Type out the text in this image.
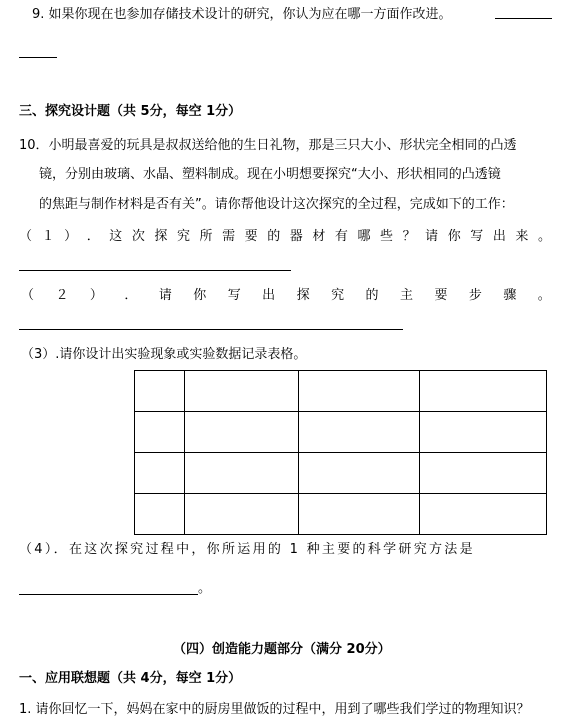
9. 如果你现在也参加存储技术设计的研究，你认为应在哪一方面作改进。
三、探究设计题（共 5分，每空 1分）
10．小明最喜爱的玩具是叔叔送给他的生日礼物，那是三只大小、形状完全相同的凸透
镜，分别由玻璃、水晶、塑料制成。现在小明想要探究“大小、形状相同的凸透镜
的焦距与制作材料是否有关”。请你帮他设计这次探究的全过程，完成如下的工作：
（ １ ） ． 这 次 探 究 所 需 要 的 器 材 有 哪 些 ？ 请 你 写 出 来 。
（ ２ ） ． 请 你 写 出 探 究 的 主 要 步 骤 。
（3）.请你设计出实验现象或实验数据记录表格。

（4）．在这次探究过程中，你所运用的 1 种主要的科学研究方法是
。
（四）创造能力题部分（满分 20分）
一、应用联想题（共 4分，每空 1分）
1. 请你回忆一下，妈妈在家中的厨房里做饭的过程中，用到了哪些我们学过的物理知识？
